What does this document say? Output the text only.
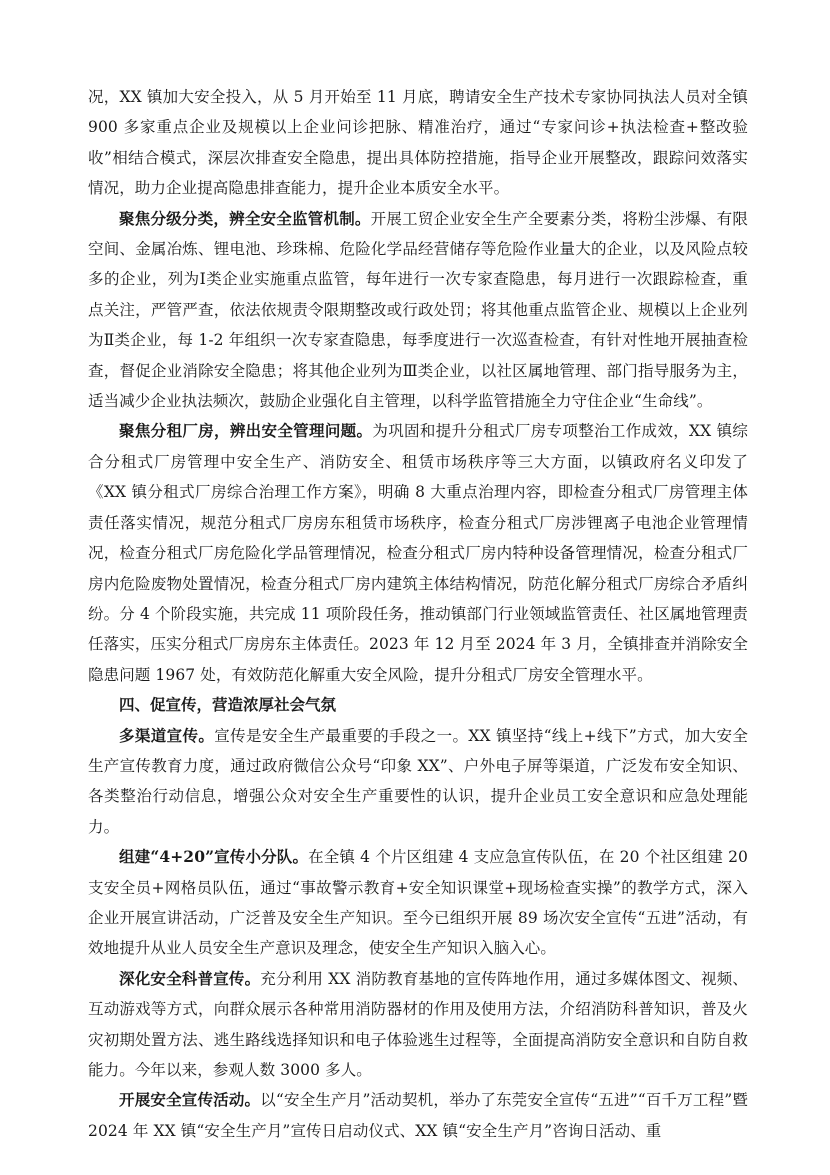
况，XX 镇加大安全投入，从 5 月开始至 11 月底，聘请安全生产技术专家协同执法人员对全镇 900 多家重点企业及规模以上企业问诊把脉、精准治疗，通过“专家问诊+执法检查+整改验收”相结合模式，深层次排查安全隐患，提出具体防控措施，指导企业开展整改，跟踪问效落实情况，助力企业提高隐患排查能力，提升企业本质安全水平。

聚焦分级分类，辨全安全监管机制。开展工贸企业安全生产全要素分类，将粉尘涉爆、有限空间、金属冶炼、锂电池、珍珠棉、危险化学品经营储存等危险作业量大的企业，以及风险点较多的企业，列为Ⅰ类企业实施重点监管，每年进行一次专家查隐患，每月进行一次跟踪检查，重点关注，严管严查，依法依规责令限期整改或行政处罚；将其他重点监管企业、规模以上企业列为Ⅱ类企业，每 1-2 年组织一次专家查隐患，每季度进行一次巡查检查，有针对性地开展抽查检查，督促企业消除安全隐患；将其他企业列为Ⅲ类企业，以社区属地管理、部门指导服务为主，适当减少企业执法频次，鼓励企业强化自主管理，以科学监管措施全力守住企业“生命线”。

聚焦分租厂房，辨出安全管理问题。为巩固和提升分租式厂房专项整治工作成效，XX 镇综合分租式厂房管理中安全生产、消防安全、租赁市场秩序等三大方面，以镇政府名义印发了《XX 镇分租式厂房综合治理工作方案》，明确 8 大重点治理内容，即检查分租式厂房管理主体责任落实情况，规范分租式厂房房东租赁市场秩序，检查分租式厂房涉锂离子电池企业管理情况，检查分租式厂房危险化学品管理情况，检查分租式厂房内特种设备管理情况，检查分租式厂房内危险废物处置情况，检查分租式厂房内建筑主体结构情况，防范化解分租式厂房综合矛盾纠纷。分 4 个阶段实施，共完成 11 项阶段任务，推动镇部门行业领域监管责任、社区属地管理责任落实，压实分租式厂房房东主体责任。2023 年 12 月至 2024 年 3 月，全镇排查并消除安全隐患问题 1967 处，有效防范化解重大安全风险，提升分租式厂房安全管理水平。

四、促宣传，营造浓厚社会气氛

多渠道宣传。宣传是安全生产最重要的手段之一。XX 镇坚持“线上+线下”方式，加大安全生产宣传教育力度，通过政府微信公众号“印象 XX”、户外电子屏等渠道，广泛发布安全知识、各类整治行动信息，增强公众对安全生产重要性的认识，提升企业员工安全意识和应急处理能力。

组建“4+20”宣传小分队。在全镇 4 个片区组建 4 支应急宣传队伍，在 20 个社区组建 20 支安全员+网格员队伍，通过“事故警示教育+安全知识课堂+现场检查实操”的教学方式，深入企业开展宣讲活动，广泛普及安全生产知识。至今已组织开展 89 场次安全宣传“五进”活动，有效地提升从业人员安全生产意识及理念，使安全生产知识入脑入心。

深化安全科普宣传。充分利用 XX 消防教育基地的宣传阵地作用，通过多媒体图文、视频、互动游戏等方式，向群众展示各种常用消防器材的作用及使用方法，介绍消防科普知识，普及火灾初期处置方法、逃生路线选择知识和电子体验逃生过程等，全面提高消防安全意识和自防自救能力。今年以来，参观人数 3000 多人。

开展安全宣传活动。以“安全生产月”活动契机，举办了东莞安全宣传“五进”“百千万工程”暨 2024 年 XX 镇“安全生产月”宣传日启动仪式、XX 镇“安全生产月”咨询日活动、重
